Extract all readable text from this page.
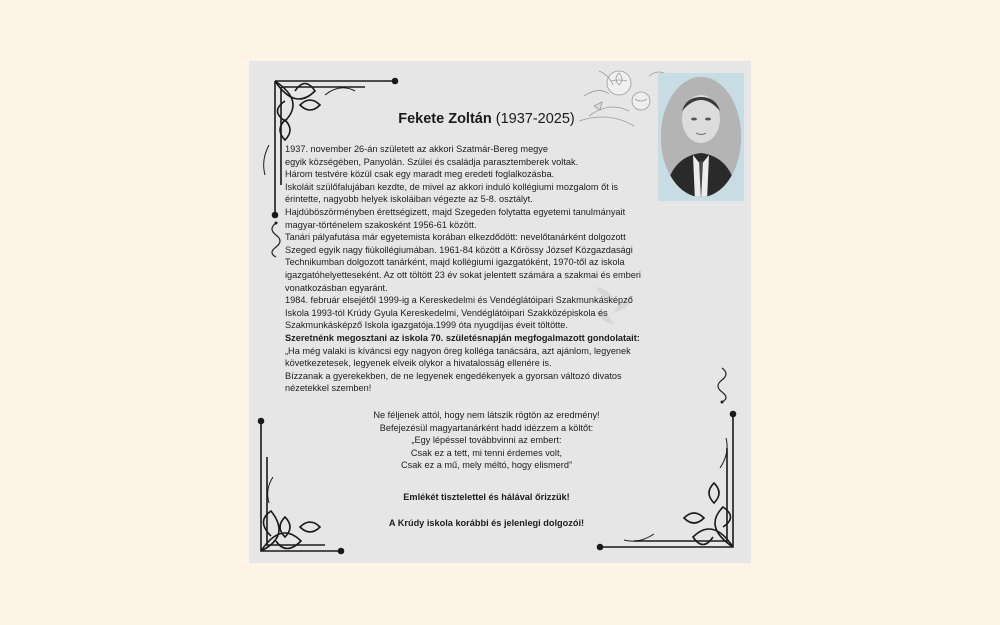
Fekete Zoltán (1937-2025)

1937. november 26-án született az akkori Szatmár-Bereg megye

egyik községében, Panyolán. Szülei és családja parasztemberek voltak.

Három testvére közül csak egy maradt meg eredeti foglalkozásba.

Iskoláit szülőfalujában kezdte, de mivel az akkori induló kollégiumi mozgalom őt is

érintette, nagyobb helyek iskoláiban végezte az 5-8. osztályt.

Hajdúböszörményben érettségizett, majd Szegeden folytatta egyetemi tanulmányait

magyar-történelem szakosként 1956-61 között.

Tanári pályafutása már egyetemista korában elkezdődött: nevelőtanárként dolgozott

Szeged egyik nagy fiúkollégiumában. 1961-84 között a Kőrössy József Közgazdasági

Technikumban dolgozott tanárként, majd kollégiumi igazgatóként, 1970-től az iskola

igazgatóhelyetteseként. Az ott töltött 23 év sokat jelentett számára a szakmai és emberi

vonatkozásban egyaránt.

1984. február elsejétől 1999-ig a Kereskedelmi és Vendéglátóipari Szakmunkásképző

Iskola 1993-tól Krúdy Gyula Kereskedelmi, Vendéglátóipari Szakközépiskola és

Szakmunkásképző Iskola igazgatója.1999 óta nyugdíjas éveit töltötte.

Szeretnénk megosztani az iskola 70. születésnapján megfogalmazott gondolatait:

„Ha még valaki is kíváncsi egy nagyon öreg kolléga tanácsára, azt ajánlom, legyenek

következetesek, legyenek elveik olykor a hivatalosság ellenére is.

Bízzanak a gyerekekben, de ne legyenek engedékenyek a gyorsan változó divatos

nézetekkel szemben!

Ne féljenek attól, hogy nem látszik rögtön az eredmény!

Befejezésül magyartanárként hadd idézzem a költőt:

„Egy lépéssel továbbvinni az embert:

Csak ez a tett, mi tenni érdemes volt,

Csak ez a mű, mely méltó, hogy elismerd”

Emlékét tisztelettel és hálával őrizzük!

A Krúdy iskola korábbi és jelenlegi dolgozói!
